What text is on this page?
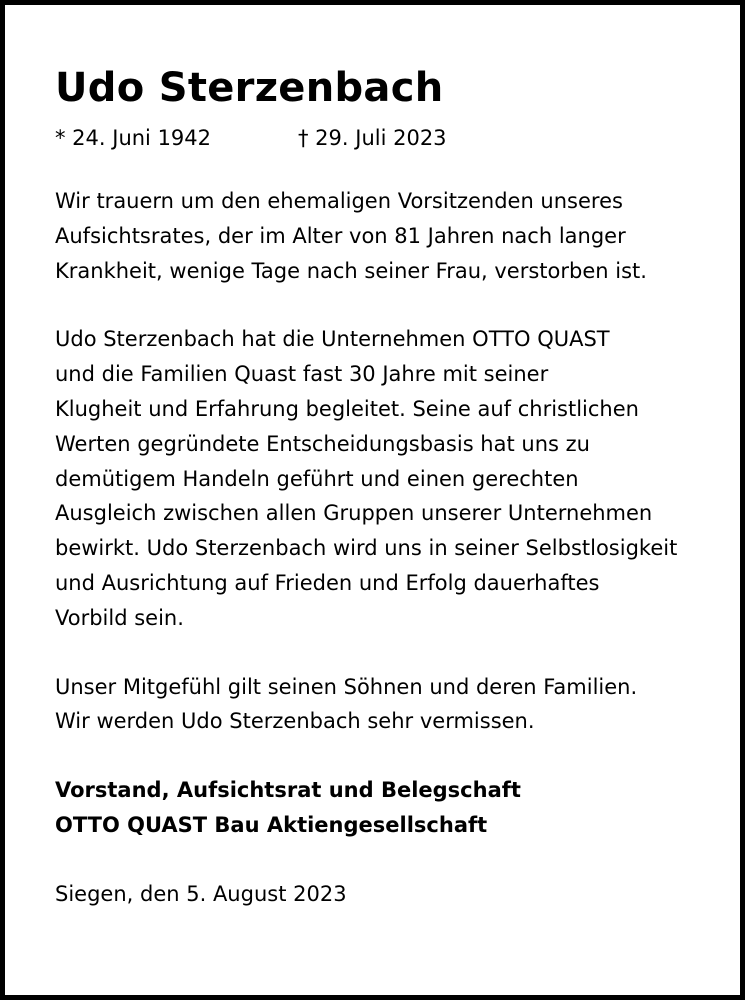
Udo Sterzenbach
* 24. Juni 1942	† 29. Juli 2023

Wir trauern um den ehemaligen Vorsitzenden unseres
Aufsichtsrates, der im Alter von 81 Jahren nach langer
Krankheit, wenige Tage nach seiner Frau, verstorben ist.

Udo Sterzenbach hat die Unternehmen OTTO QUAST
und die Familien Quast fast 30 Jahre mit seiner
Klugheit und Erfahrung begleitet. Seine auf christlichen
Werten gegründete Entscheidungsbasis hat uns zu
demütigem Handeln geführt und einen gerechten
Ausgleich zwischen allen Gruppen unserer Unternehmen
bewirkt. Udo Sterzenbach wird uns in seiner Selbstlosigkeit
und Ausrichtung auf Frieden und Erfolg dauerhaftes
Vorbild sein.

Unser Mitgefühl gilt seinen Söhnen und deren Familien.
Wir werden Udo Sterzenbach sehr vermissen.

Vorstand, Aufsichtsrat und Belegschaft
OTTO QUAST Bau Aktiengesellschaft

Siegen, den 5. August 2023
